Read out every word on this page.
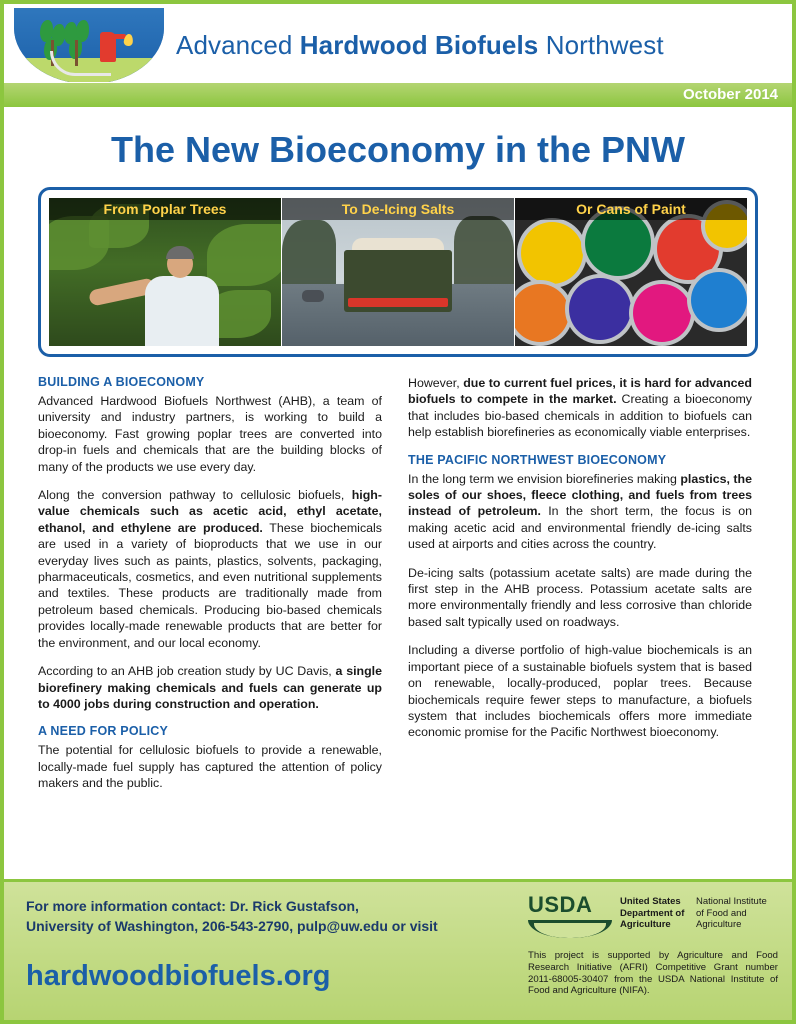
Advanced Hardwood Biofuels Northwest
October 2014
The New Bioeconomy in the PNW
From Poplar Trees	To De-Icing Salts	Or Cans of Paint
BUILDING A BIOECONOMY

Advanced Hardwood Biofuels Northwest (AHB), a team of university and industry partners, is working to build a bioeconomy. Fast growing poplar trees are converted into drop-in fuels and chemicals that are the building blocks of many of the products we use every day.

Along the conversion pathway to cellulosic biofuels, high-value chemicals such as acetic acid, ethyl acetate, ethanol, and ethylene are produced. These biochemicals are used in a variety of bioproducts that we use in our everyday lives such as paints, plastics, solvents, packaging, pharmaceuticals, cosmetics, and even nutritional supplements and textiles. These products are traditionally made from petroleum based chemicals. Producing bio-based chemicals provides locally-made renewable products that are better for the environment, and our local economy.

According to an AHB job creation study by UC Davis, a single biorefinery making chemicals and fuels can generate up to 4000 jobs during construction and operation.

A NEED FOR POLICY

The potential for cellulosic biofuels to provide a renewable, locally-made fuel supply has captured the attention of policy makers and the public.

However, due to current fuel prices, it is hard for advanced biofuels to compete in the market. Creating a bioeconomy that includes bio-based chemicals in addition to biofuels can help establish biorefineries as economically viable enterprises.

THE PACIFIC NORTHWEST BIOECONOMY

In the long term we envision biorefineries making plastics, the soles of our shoes, fleece clothing, and fuels from trees instead of petroleum. In the short term, the focus is on making acetic acid and environmental friendly de-icing salts used at airports and cities across the country.

De-icing salts (potassium acetate salts) are made during the first step in the AHB process. Potassium acetate salts are more environmentally friendly and less corrosive than chloride based salt typically used on roadways.

Including a diverse portfolio of high-value biochemicals is an important piece of a sustainable biofuels system that is based on renewable, locally-produced, poplar trees. Because biochemicals require fewer steps to manufacture, a biofuels system that includes biochemicals offers more immediate economic promise for the Pacific Northwest bioeconomy.

For more information contact: Dr. Rick Gustafson,
University of Washington, 206-543-2790, pulp@uw.edu or visit
hardwoodbiofuels.org
USDA	United States
Department of
Agriculture
National Institute
of Food and
Agriculture
This project is supported by Agriculture and Food Research Initiative (AFRI) Competitive Grant number 2011-68005-30407 from the USDA National Institute of Food and Agriculture (NIFA).
